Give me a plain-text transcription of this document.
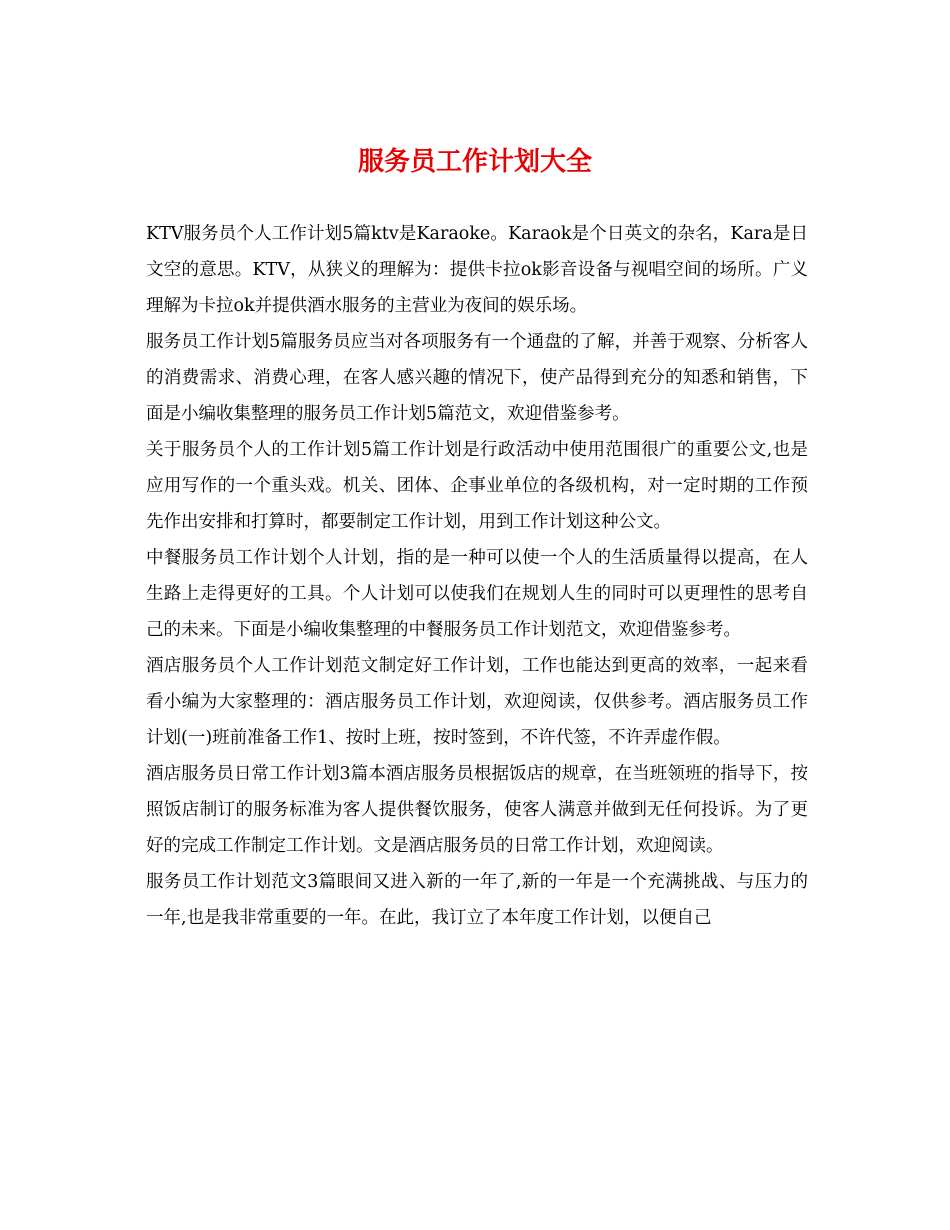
服务员工作计划大全

KTV服务员个人工作计划5篇ktv是Karaoke。Karaok是个日英文的杂名，Kara是日文空的意思。KTV，从狭义的理解为：提供卡拉ok影音设备与视唱空间的场所。广义理解为卡拉ok并提供酒水服务的主营业为夜间的娱乐场。

服务员工作计划5篇服务员应当对各项服务有一个通盘的了解，并善于观察、分析客人的消费需求、消费心理，在客人感兴趣的情况下，使产品得到充分的知悉和销售，下面是小编收集整理的服务员工作计划5篇范文，欢迎借鉴参考。

关于服务员个人的工作计划5篇工作计划是行政活动中使用范围很广的重要公文,也是应用写作的一个重头戏。机关、团体、企事业单位的各级机构，对一定时期的工作预先作出安排和打算时，都要制定工作计划，用到工作计划这种公文。

中餐服务员工作计划个人计划，指的是一种可以使一个人的生活质量得以提高，在人生路上走得更好的工具。个人计划可以使我们在规划人生的同时可以更理性的思考自己的未来。下面是小编收集整理的中餐服务员工作计划范文，欢迎借鉴参考。

酒店服务员个人工作计划范文制定好工作计划，工作也能达到更高的效率，一起来看看小编为大家整理的：酒店服务员工作计划，欢迎阅读，仅供参考。酒店服务员工作计划(一)班前准备工作1、按时上班，按时签到，不许代签，不许弄虚作假。

酒店服务员日常工作计划3篇本酒店服务员根据饭店的规章，在当班领班的指导下，按照饭店制订的服务标准为客人提供餐饮服务，使客人满意并做到无任何投诉。为了更好的完成工作制定工作计划。文是酒店服务员的日常工作计划，欢迎阅读。

服务员工作计划范文3篇眼间又进入新的一年了,新的一年是一个充满挑战、与压力的一年,也是我非常重要的一年。在此，我订立了本年度工作计划，以便自己
